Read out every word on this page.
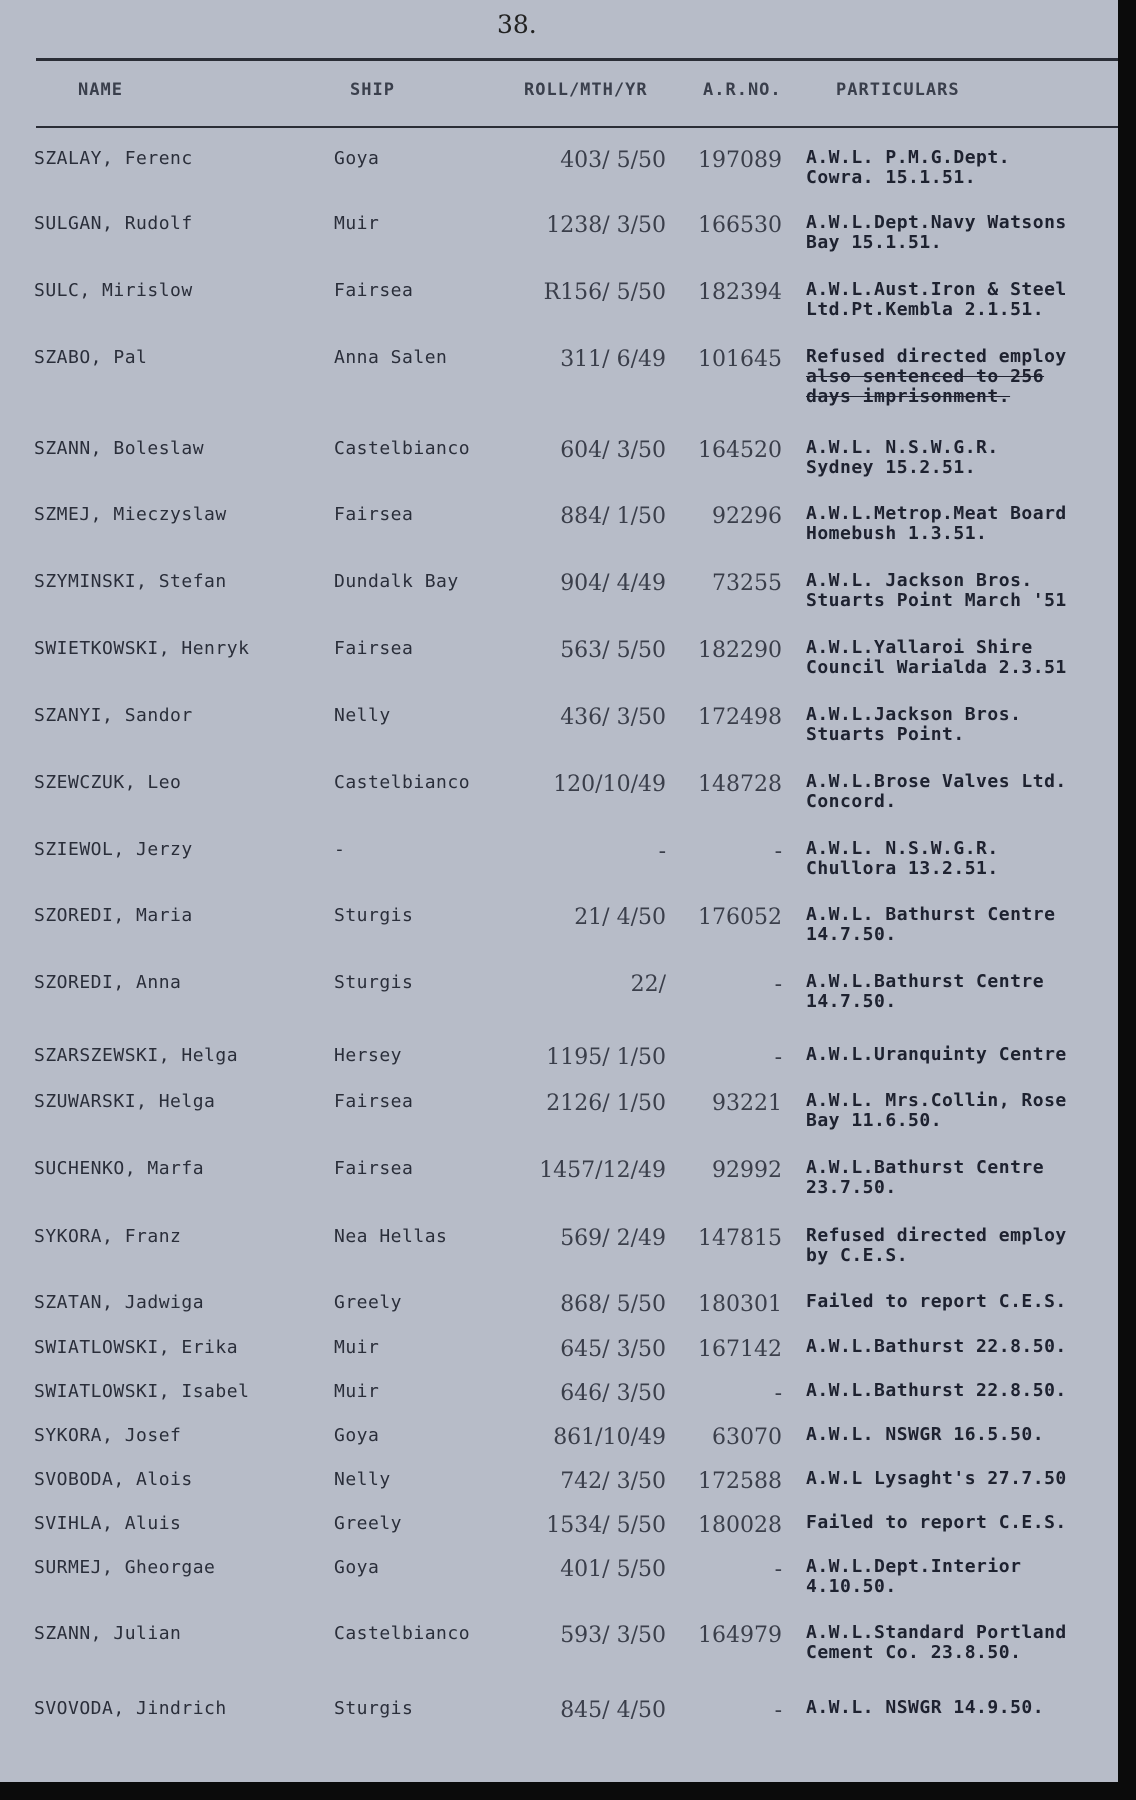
38.
NAME	SHIP	ROLL/MTH/YR	A.R.NO.	PARTICULARS
SZALAY, Ferenc	Goya	403/ 5/50	197089 A.W.L. P.M.G.Dept.
Cowra. 15.1.51.
SULGAN, Rudolf	Muir	1238/ 3/50	166530 A.W.L.Dept.Navy Watsons
Bay 15.1.51.
SULC, Mirislow	Fairsea	R156/ 5/50	182394 A.W.L.Aust.Iron & Steel
Ltd.Pt.Kembla 2.1.51.
SZABO, Pal	Anna Salen	311/ 6/49	101645 Refused directed employ
also sentenced to 256
days imprisonment.
SZANN, Boleslaw	Castelbianco	604/ 3/50	164520 A.W.L. N.S.W.G.R.
Sydney 15.2.51.
SZMEJ, Mieczyslaw	Fairsea	884/ 1/50	92296 A.W.L.Metrop.Meat Board
Homebush 1.3.51.
SZYMINSKI, Stefan	Dundalk Bay	904/ 4/49	73255 A.W.L. Jackson Bros.
Stuarts Point March '51
SWIETKOWSKI, Henryk	Fairsea	563/ 5/50	182290 A.W.L.Yallaroi Shire
Council Warialda 2.3.51
SZANYI, Sandor	Nelly	436/ 3/50	172498 A.W.L.Jackson Bros.
Stuarts Point.
SZEWCZUK, Leo	Castelbianco	120/10/49	148728 A.W.L.Brose Valves Ltd.
Concord.
SZIEWOL, Jerzy	-	-	- A.W.L. N.S.W.G.R.
Chullora 13.2.51.
SZOREDI, Maria	Sturgis	21/ 4/50	176052 A.W.L. Bathurst Centre
14.7.50.
SZOREDI, Anna	Sturgis	22/	- A.W.L.Bathurst Centre
14.7.50.
SZARSZEWSKI, Helga	Hersey	1195/ 1/50	- A.W.L.Uranquinty Centre
SZUWARSKI, Helga	Fairsea	2126/ 1/50	93221 A.W.L. Mrs.Collin, Rose
Bay 11.6.50.
SUCHENKO, Marfa	Fairsea	1457/12/49	92992 A.W.L.Bathurst Centre
23.7.50.
SYKORA, Franz	Nea Hellas	569/ 2/49	147815 Refused directed employ
by C.E.S.
SZATAN, Jadwiga	Greely	868/ 5/50	180301 Failed to report C.E.S.
SWIATLOWSKI, Erika	Muir	645/ 3/50	167142 A.W.L.Bathurst 22.8.50.
SWIATLOWSKI, Isabel	Muir	646/ 3/50	- A.W.L.Bathurst 22.8.50.
SYKORA, Josef	Goya	861/10/49	63070 A.W.L. NSWGR 16.5.50.
SVOBODA, Alois	Nelly	742/ 3/50	172588 A.W.L Lysaght's 27.7.50
SVIHLA, Aluis	Greely	1534/ 5/50	180028 Failed to report C.E.S.
SURMEJ, Gheorgae	Goya	401/ 5/50	- A.W.L.Dept.Interior
4.10.50.
SZANN, Julian	Castelbianco	593/ 3/50	164979 A.W.L.Standard Portland
Cement Co. 23.8.50.
SVOVODA, Jindrich	Sturgis	845/ 4/50	- A.W.L. NSWGR 14.9.50.
